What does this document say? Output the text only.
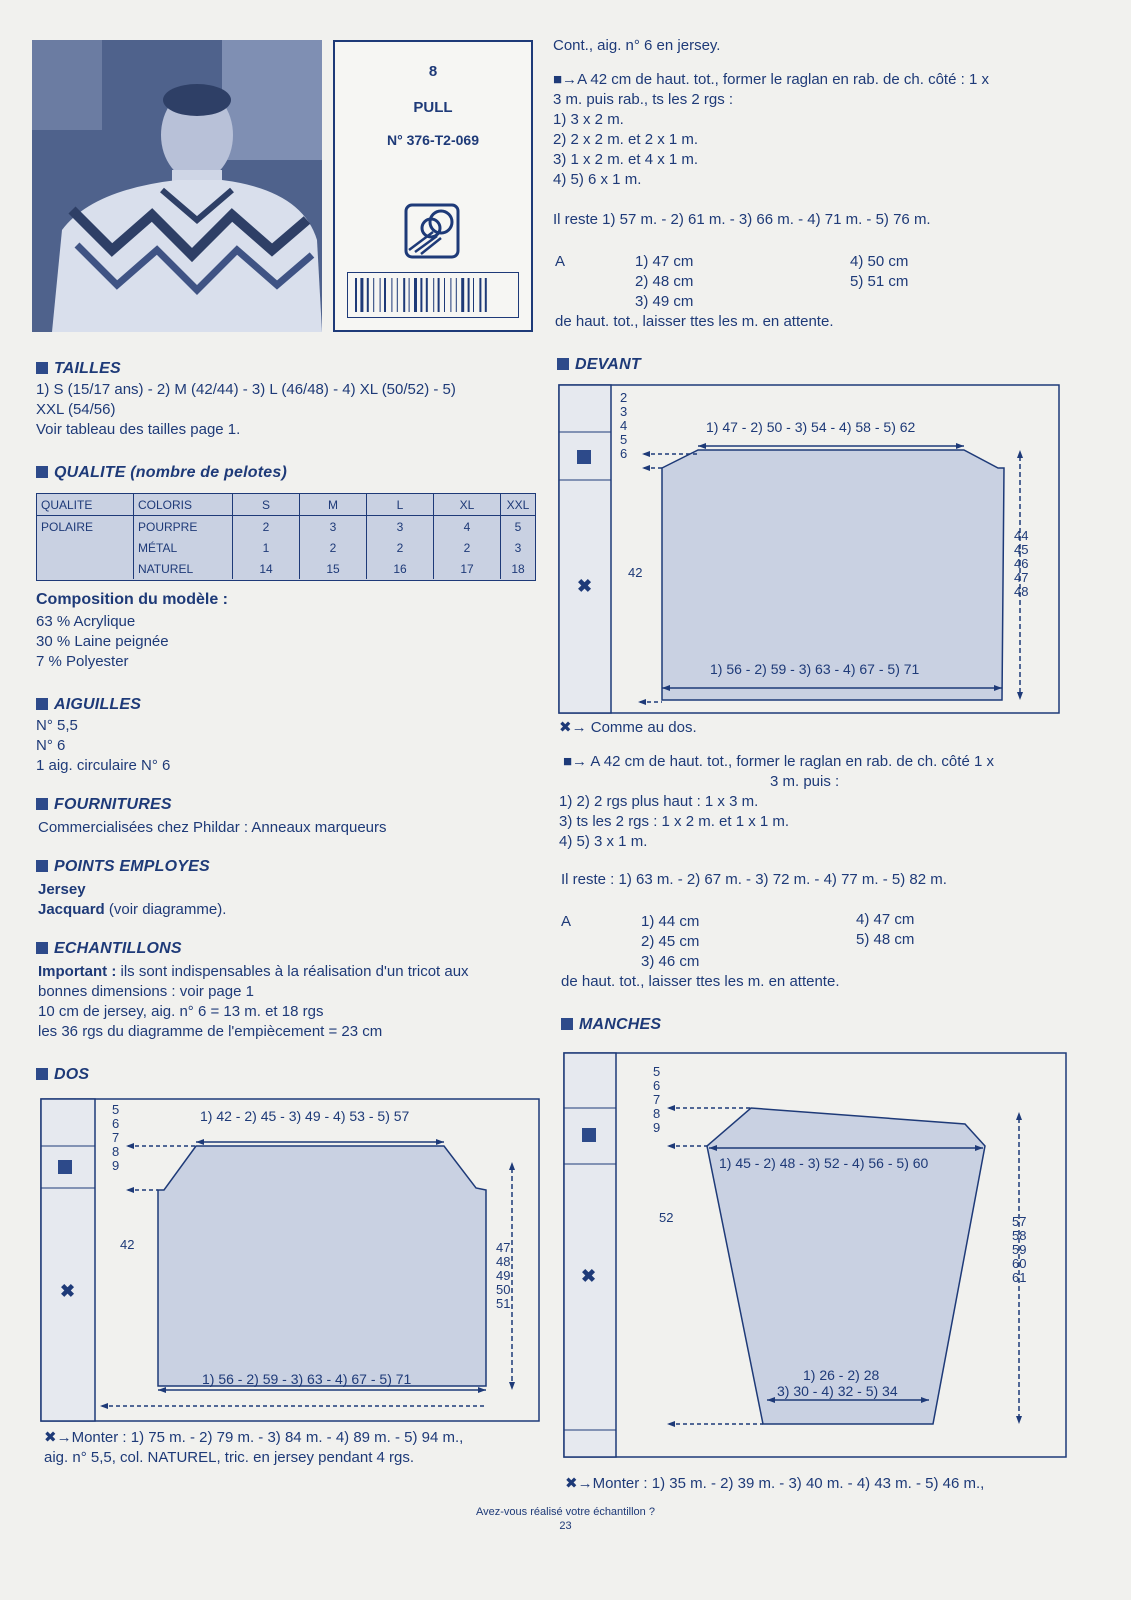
8
PULL
N° 376-T2-069
TAILLES
1) S (15/17 ans) - 2) M (42/44) - 3) L (46/48) - 4) XL (50/52) - 5)
XXL (54/56)
Voir tableau des tailles page 1.
QUALITE (nombre de pelotes)
QUALITE	COLORIS	S	M	L	XL	XXL
POLAIRE	POURPRE	2	3	3	4	5
	MÉTAL	1	2	2	2	3
	NATUREL	14	15	16	17	18
Composition du modèle :
63 % Acrylique
30 % Laine peignée
7 % Polyester
AIGUILLES
N° 5,5
N° 6
1 aig. circulaire N° 6
FOURNITURES
Commercialisées chez Phildar : Anneaux marqueurs
POINTS EMPLOYES
Jersey
Jacquard (voir diagramme).
ECHANTILLONS
Important : ils sont indispensables à la réalisation d'un tricot aux
bonnes dimensions : voir page 1
10 cm de jersey, aig. n° 6 = 13 m. et 18 rgs
les 36 rgs du diagramme de l'empiècement = 23 cm
DOS
✖
5
6
7
8
9
42
1) 42 - 2) 45 - 3) 49 - 4) 53 - 5) 57
1) 56 - 2) 59 - 3) 63 - 4) 67 - 5) 71
47
48
49
50
51
✖→Monter : 1) 75 m. - 2) 79 m. - 3) 84 m. - 4) 89 m. - 5) 94 m.,
aig. n° 5,5, col. NATUREL, tric. en jersey pendant 4 rgs.
Cont., aig. n° 6 en jersey.
■→A 42 cm de haut. tot., former le raglan en rab. de ch. côté : 1 x
3 m. puis rab., ts les 2 rgs :
1) 3 x 2 m.
2) 2 x 2 m. et 2 x 1 m.
3) 1 x 2 m. et 4 x 1 m.
4) 5) 6 x 1 m.
Il reste 1) 57 m. - 2) 61 m. - 3) 66 m. - 4) 71 m. - 5) 76 m.
A	1) 47 cm
2) 48 cm
3) 49 cm
4) 50 cm
5) 51 cm
de haut. tot., laisser ttes les m. en attente.
DEVANT
✖
2
3
4
5
6
42
1) 47 - 2) 50 - 3) 54 - 4) 58 - 5) 62
1) 56 - 2) 59 - 3) 63 - 4) 67 - 5) 71
44
45
46
47
48
✖→ Comme au dos.
■→ A 42 cm de haut. tot., former le raglan en rab. de ch. côté 1 x
3 m. puis :
1) 2) 2 rgs plus haut : 1 x 3 m.
3) ts les 2 rgs : 1 x 2 m. et 1 x 1 m.
4) 5) 3 x 1 m.
Il reste : 1) 63 m. - 2) 67 m. - 3) 72 m. - 4) 77 m. - 5) 82 m.
A	1) 44 cm
2) 45 cm
3) 46 cm
4) 47 cm
5) 48 cm
de haut. tot., laisser ttes les m. en attente.
MANCHES
✖
5
6
7
8
9
52
1) 45 - 2) 48 - 3) 52 - 4) 56 - 5) 60
1) 26 - 2) 28
3) 30 - 4) 32 - 5) 34
57
58
59
60
61
✖→Monter : 1) 35 m. - 2) 39 m. - 3) 40 m. - 4) 43 m. - 5) 46 m.,
Avez-vous réalisé votre échantillon ?
23
